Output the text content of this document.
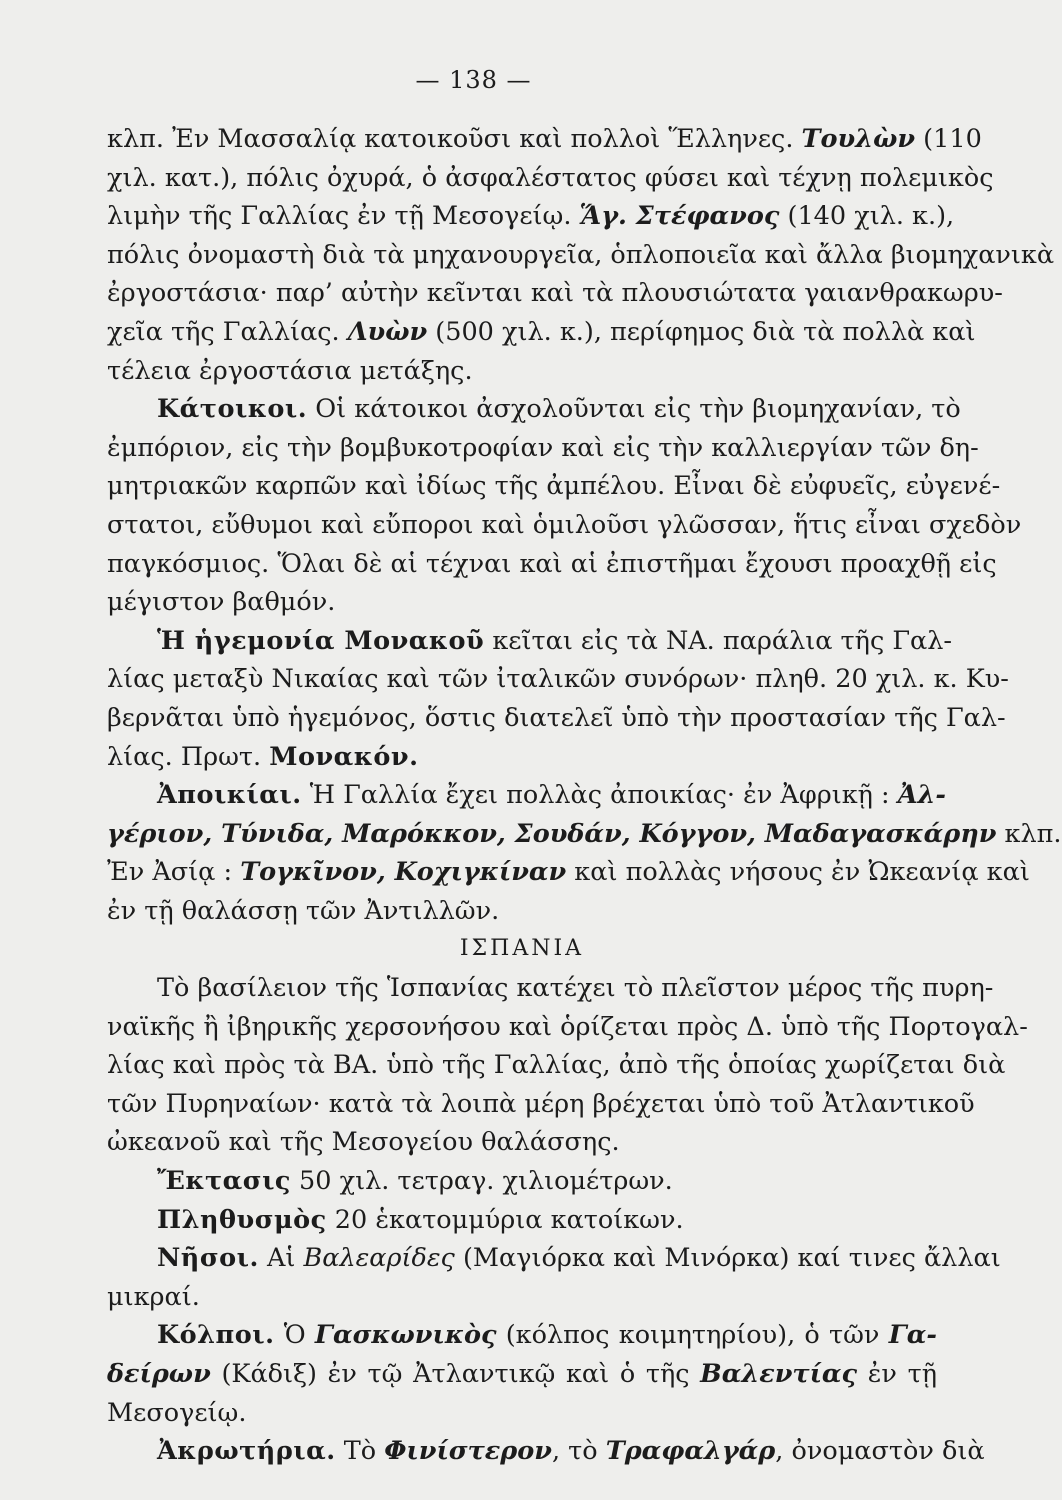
— 138 —
κλπ. Ἐν Μασσαλίᾳ κατοικοῦσι καὶ πολλοὶ Ἕλληνες. Τουλὼν (110
χιλ. κατ.), πόλις ὀχυρά, ὁ ἀσφαλέστατος φύσει καὶ τέχνῃ πολεμικὸς
λιμὴν τῆς Γαλλίας ἐν τῇ Μεσογείῳ. Ἅγ. Στέφανος (140 χιλ. κ.),
πόλις ὀνομαστὴ διὰ τὰ μηχανουργεῖα, ὁπλοποιεῖα καὶ ἄλλα βιομηχανικὰ
ἐργοστάσια· παρ’ αὐτὴν κεῖνται καὶ τὰ πλουσιώτατα γαιανθρακωρυ-
χεῖα τῆς Γαλλίας. Λυὼν (500 χιλ. κ.), περίφημος διὰ τὰ πολλὰ καὶ
τέλεια ἐργοστάσια μετάξης.
Κάτοικοι. Οἱ κάτοικοι ἀσχολοῦνται εἰς τὴν βιομηχανίαν, τὸ
ἐμπόριον, εἰς τὴν βομβυκοτροφίαν καὶ εἰς τὴν καλλιεργίαν τῶν δη-
μητριακῶν καρπῶν καὶ ἰδίως τῆς ἀμπέλου. Εἶναι δὲ εὐφυεῖς, εὐγενέ-
στατοι, εὔθυμοι καὶ εὔποροι καὶ ὁμιλοῦσι γλῶσσαν, ἥτις εἶναι σχεδὸν
παγκόσμιος. Ὅλαι δὲ αἱ τέχναι καὶ αἱ ἐπιστῆμαι ἔχουσι προαχθῇ εἰς
μέγιστον βαθμόν.
Ἡ ἡγεμονία Μονακοῦ κεῖται εἰς τὰ ΝΑ. παράλια τῆς Γαλ-
λίας μεταξὺ Νικαίας καὶ τῶν ἰταλικῶν συνόρων· πληθ. 20 χιλ. κ. Κυ-
βερνᾶται ὑπὸ ἡγεμόνος, ὅστις διατελεῖ ὑπὸ τὴν προστασίαν τῆς Γαλ-
λίας. Πρωτ. Μονακόν.
Ἀποικίαι. Ἡ Γαλλία ἔχει πολλὰς ἀποικίας· ἐν Ἀφρικῇ : Ἀλ-
γέριον, Τύνιδα, Μαρόκκον, Σουδάν, Κόγγον, Μαδαγασκάρην κλπ.
Ἐν Ἀσίᾳ : Τογκῖνον, Κοχιγκίναν καὶ πολλὰς νήσους ἐν Ὠκεανίᾳ καὶ
ἐν τῇ θαλάσσῃ τῶν Ἀντιλλῶν.
ΙΣΠΑΝΙΑ
Τὸ βασίλειον τῆς Ἱσπανίας κατέχει τὸ πλεῖστον μέρος τῆς πυρη-
ναϊκῆς ἢ ἰβηρικῆς χερσονήσου καὶ ὁρίζεται πρὸς Δ. ὑπὸ τῆς Πορτογαλ-
λίας καὶ πρὸς τὰ ΒΑ. ὑπὸ τῆς Γαλλίας, ἀπὸ τῆς ὁποίας χωρίζεται διὰ
τῶν Πυρηναίων· κατὰ τὰ λοιπὰ μέρη βρέχεται ὑπὸ τοῦ Ἀτλαντικοῦ
ὠκεανοῦ καὶ τῆς Μεσογείου θαλάσσης.
Ἔκτασις 50 χιλ. τετραγ. χιλιομέτρων.
Πληθυσμὸς 20 ἑκατομμύρια κατοίκων.
Νῆσοι. Αἱ Βαλεαρίδες (Μαγιόρκα καὶ Μινόρκα) καί τινες ἄλλαι
μικραί.
Κόλποι. Ὁ Γασκωνικὸς (κόλπος κοιμητηρίου), ὁ τῶν Γα-
δείρων (Κάδιξ) ἐν τῷ Ἀτλαντικῷ καὶ ὁ τῆς Βαλεντίας ἐν τῇ
Μεσογείῳ.
Ἀκρωτήρια. Τὸ Φινίστερον, τὸ Τραφαλγάρ, ὀνομαστὸν διὰ
